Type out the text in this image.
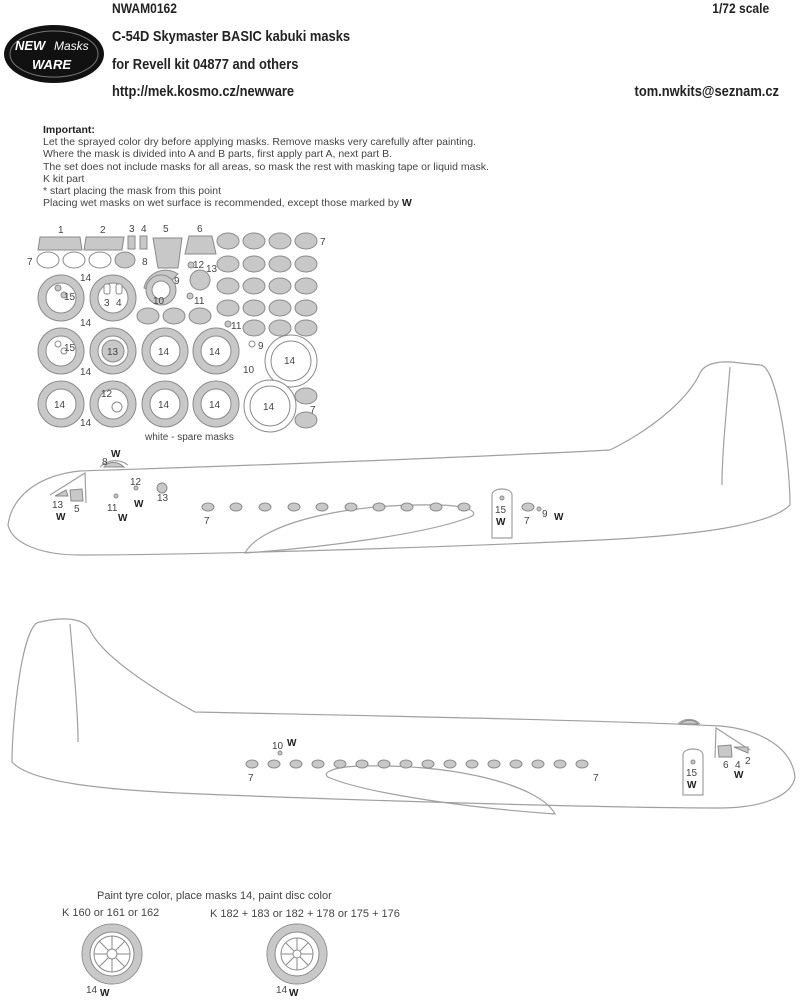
NEW Masks
WARE
NWAM0162	1/72 scale
C-54D Skymaster BASIC kabuki masks
for Revell kit 04877 and others
http://mek.kosmo.cz/newware	tom.nwkits@seznam.cz
Important:
Let the sprayed color dry before applying masks. Remove masks very carefully after painting.
Where the mask is divided into A and B parts, first apply part A, next part B.
The set does not include masks for all areas, so mask the rest with masking tape or liquid mask.
K kit part
* start placing the mask from this point
Placing wet masks on wet surface is recommended, except those marked by W
1	2 3 4 5	6
7
7	8	12 13
9
10	11
11
14
15
3 4
14
15	13	14	14
9
10
14
14
14
12
14	14	14	7
14
white - spare masks
8
W
12
13
W
11
W
13 5
W	7
15
W 7
9 W
10 W
7	7	15
W
6 4 2
W
Paint tyre color, place masks 14, paint disc color
K 160 or 161 or 162	K 182 + 183 or 182 + 178 or 175 + 176
14 W	14 W
